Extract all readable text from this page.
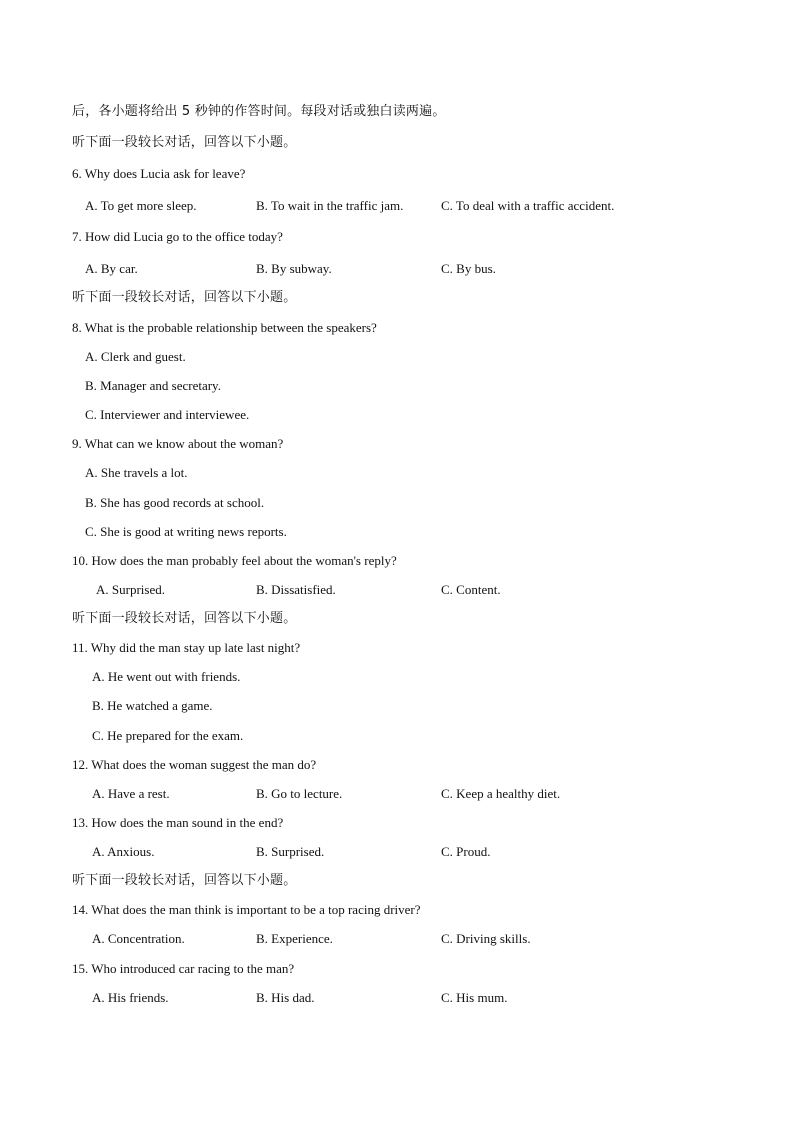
后，各小题将给出 5 秒钟的作答时间。每段对话或独白读两遍。
听下面一段较长对话，回答以下小题。
6. Why does Lucia ask for leave?
A. To get more sleep.	B. To wait in the traffic jam.	C. To deal with a traffic accident.
7. How did Lucia go to the office today?
A. By car.	B. By subway.	C. By bus.
听下面一段较长对话，回答以下小题。
8. What is the probable relationship between the speakers?
A. Clerk and guest.
B. Manager and secretary.
C. Interviewer and interviewee.
9. What can we know about the woman?
A. She travels a lot.
B. She has good records at school.
C. She is good at writing news reports.
10. How does the man probably feel about the woman's reply?
A. Surprised.	B. Dissatisfied.	C. Content.
听下面一段较长对话，回答以下小题。
11. Why did the man stay up late last night?
A. He went out with friends.
B. He watched a game.
C. He prepared for the exam.
12. What does the woman suggest the man do?
A. Have a rest.	B. Go to lecture.	C. Keep a healthy diet.
13. How does the man sound in the end?
A. Anxious.	B. Surprised.	C. Proud.
听下面一段较长对话，回答以下小题。
14. What does the man think is important to be a top racing driver?
A. Concentration.	B. Experience.	C. Driving skills.
15. Who introduced car racing to the man?
A. His friends.	B. His dad.	C. His mum.
